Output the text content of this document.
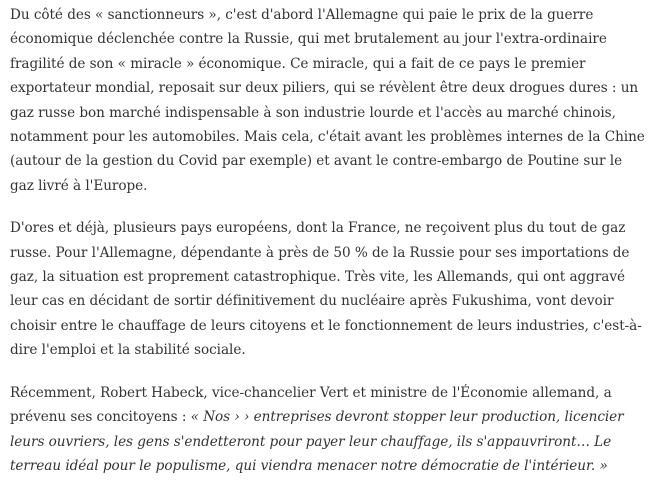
Du côté des « sanctionneurs », c'est d'abord l'Allemagne qui paie le prix de la guerre économique déclenchée contre la Russie, qui met brutalement au jour l'extra-ordinaire fragilité de son « miracle » économique. Ce miracle, qui a fait de ce pays le premier exportateur mondial, reposait sur deux piliers, qui se révèlent être deux drogues dures : un gaz russe bon marché indispensable à son industrie lourde et l'accès au marché chinois, notamment pour les automobiles. Mais cela, c'était avant les problèmes internes de la Chine (autour de la gestion du Covid par exemple) et avant le contre-embargo de Poutine sur le gaz livré à l'Europe.

D'ores et déjà, plusieurs pays européens, dont la France, ne reçoivent plus du tout de gaz russe. Pour l'Allemagne, dépendante à près de 50 % de la Russie pour ses importations de gaz, la situation est proprement catastrophique. Très vite, les Allemands, qui ont aggravé leur cas en décidant de sortir définitivement du nucléaire après Fukushima, vont devoir choisir entre le chauffage de leurs citoyens et le fonctionnement de leurs industries, c'est-à-dire l'emploi et la stabilité sociale.

Récemment, Robert Habeck, vice-chancelier Vert et ministre de l'Économie allemand, a prévenu ses concitoyens : « Nos › › entreprises devront stopper leur production, licencier leurs ouvriers, les gens s'endetteront pour payer leur chauffage, ils s'appauvriront… Le terreau idéal pour le populisme, qui viendra menacer notre démocratie de l'intérieur. »
